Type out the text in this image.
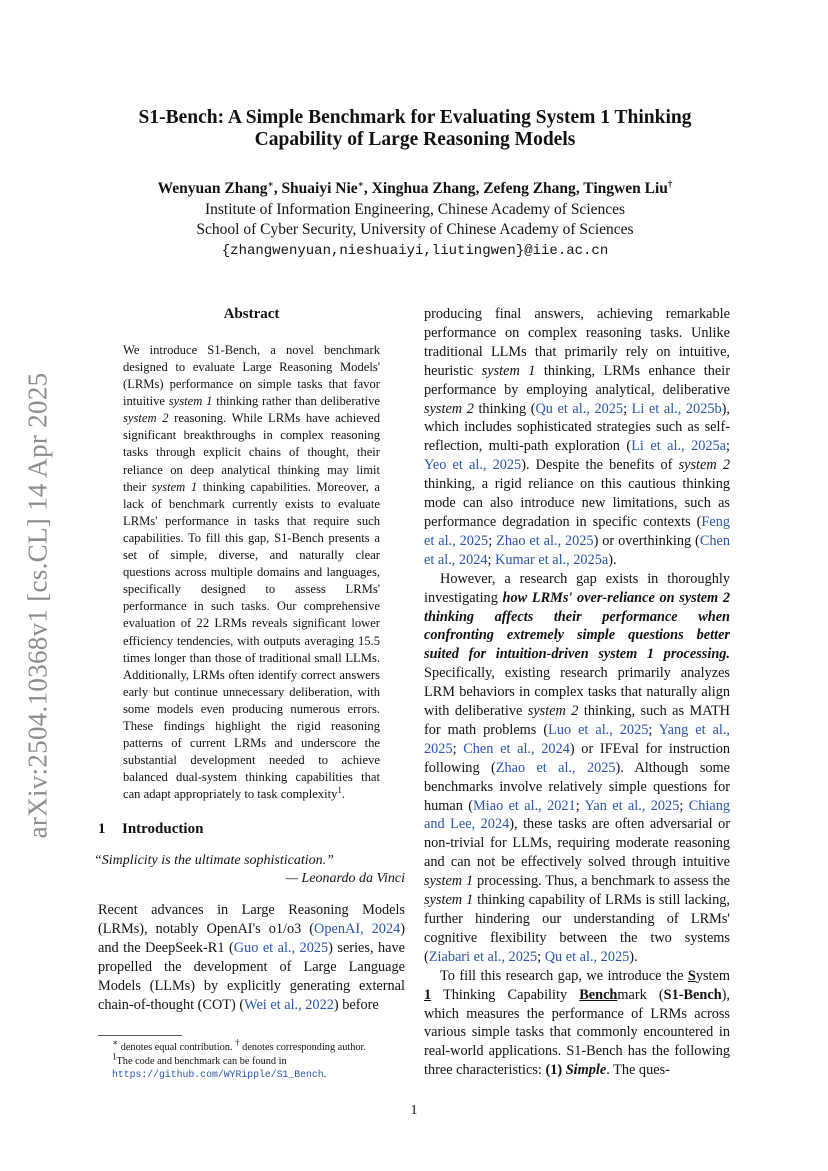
arXiv:2504.10368v1 [cs.CL] 14 Apr 2025
S1-Bench: A Simple Benchmark for Evaluating System 1 Thinking
Capability of Large Reasoning Models
Wenyuan Zhang∗, Shuaiyi Nie∗, Xinghua Zhang, Zefeng Zhang, Tingwen Liu†
Institute of Information Engineering, Chinese Academy of Sciences
School of Cyber Security, University of Chinese Academy of Sciences
{zhangwenyuan,nieshuaiyi,liutingwen}@iie.ac.cn
Abstract
We introduce S1-Bench, a novel benchmark designed to evaluate Large Reasoning Models' (LRMs) performance on simple tasks that favor intuitive system 1 thinking rather than deliberative system 2 reasoning. While LRMs have achieved significant breakthroughs in complex reasoning tasks through explicit chains of thought, their reliance on deep analytical thinking may limit their system 1 thinking capabilities. Moreover, a lack of benchmark currently exists to evaluate LRMs' performance in tasks that require such capabilities. To fill this gap, S1-Bench presents a set of simple, diverse, and naturally clear questions across multiple domains and languages, specifically designed to assess LRMs' performance in such tasks. Our comprehensive evaluation of 22 LRMs reveals significant lower efficiency tendencies, with outputs averaging 15.5 times longer than those of traditional small LLMs. Additionally, LRMs often identify correct answers early but continue unnecessary deliberation, with some models even producing numerous errors. These findings highlight the rigid reasoning patterns of current LRMs and underscore the substantial development needed to achieve balanced dual-system thinking capabilities that can adapt appropriately to task complexity$^1$.
1 Introduction
“Simplicity is the ultimate sophistication.”
— Leonardo da Vinci

Recent advances in Large Reasoning Models (LRMs), notably OpenAI's o1/o3 (OpenAI, 2024) and the DeepSeek-R1 (Guo et al., 2025) series, have propelled the development of Large Language Models (LLMs) by explicitly generating external chain-of-thought (COT) (Wei et al., 2022) before

producing final answers, achieving remarkable performance on complex reasoning tasks. Unlike traditional LLMs that primarily rely on intuitive, heuristic system 1 thinking, LRMs enhance their performance by employing analytical, deliberative system 2 thinking (Qu et al., 2025; Li et al., 2025b), which includes sophisticated strategies such as self-reflection, multi-path exploration (Li et al., 2025a; Yeo et al., 2025). Despite the benefits of system 2 thinking, a rigid reliance on this cautious thinking mode can also introduce new limitations, such as performance degradation in specific contexts (Feng et al., 2025; Zhao et al., 2025) or overthinking (Chen et al., 2024; Kumar et al., 2025a).

However, a research gap exists in thoroughly investigating how LRMs' over-reliance on system 2 thinking affects their performance when confronting extremely simple questions better suited for intuition-driven system 1 processing. Specifically, existing research primarily analyzes LRM behaviors in complex tasks that naturally align with deliberative system 2 thinking, such as MATH for math problems (Luo et al., 2025; Yang et al., 2025; Chen et al., 2024) or IFEval for instruction following (Zhao et al., 2025). Although some benchmarks involve relatively simple questions for human (Miao et al., 2021; Yan et al., 2025; Chiang and Lee, 2024), these tasks are often adversarial or non-trivial for LLMs, requiring moderate reasoning and can not be effectively solved through intuitive system 1 processing. Thus, a benchmark to assess the system 1 thinking capability of LRMs is still lacking, further hindering our understanding of LRMs' cognitive flexibility between the two systems (Ziabari et al., 2025; Qu et al., 2025).

To fill this research gap, we introduce the System 1 Thinking Capability Benchmark (S1-Bench), which measures the performance of LRMs across various simple tasks that commonly encountered in real-world applications. S1-Bench has the following three characteristics: (1) Simple. The ques-

∗ denotes equal contribution. † denotes corresponding author.
$^1$The code and benchmark can be found in https://github.com/WYRipple/S1_Bench.
1
